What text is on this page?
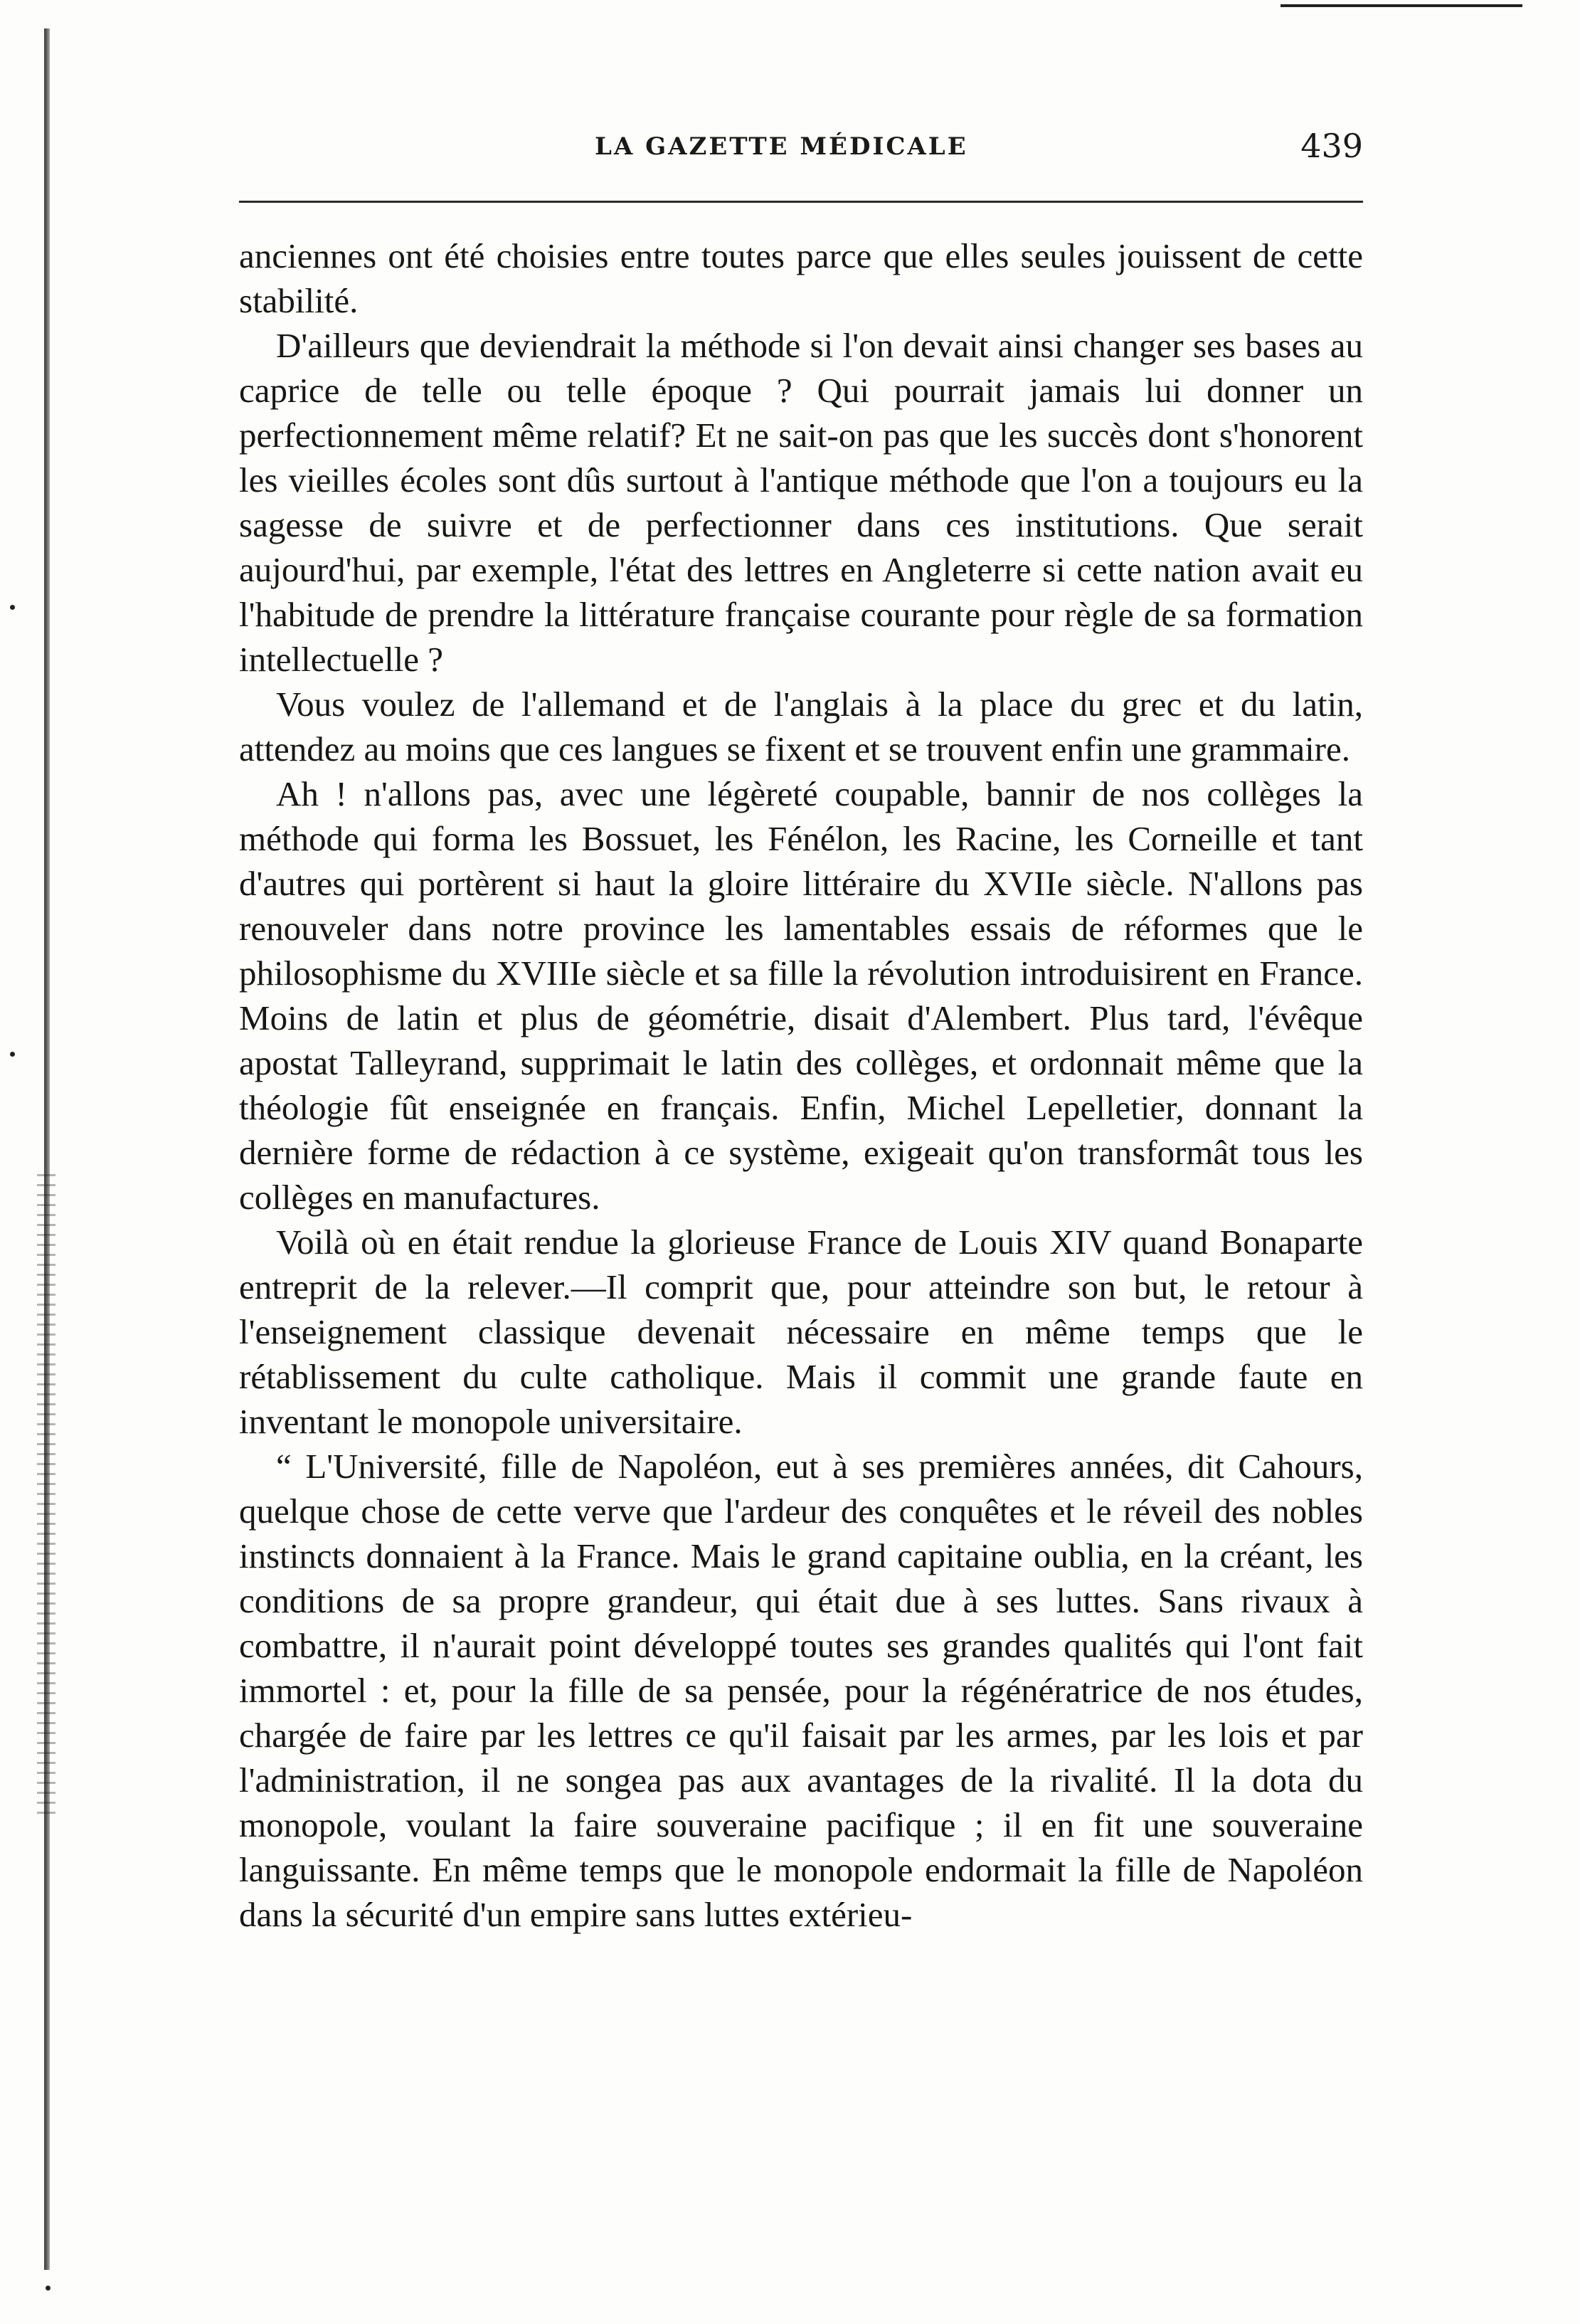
LA GAZETTE MÉDICALE	439

anciennes ont été choisies entre toutes parce que elles seules jouissent de cette stabilité.

D'ailleurs que deviendrait la méthode si l'on devait ainsi changer ses bases au caprice de telle ou telle époque ? Qui pourrait jamais lui donner un perfectionnement même relatif? Et ne sait-on pas que les succès dont s'honorent les vieilles écoles sont dûs surtout à l'antique méthode que l'on a toujours eu la sagesse de suivre et de perfectionner dans ces institutions. Que serait aujourd'hui, par exemple, l'état des lettres en Angleterre si cette nation avait eu l'habitude de prendre la littérature française courante pour règle de sa formation intellectuelle ?

Vous voulez de l'allemand et de l'anglais à la place du grec et du latin, attendez au moins que ces langues se fixent et se trouvent enfin une grammaire.

Ah ! n'allons pas, avec une légèreté coupable, bannir de nos collèges la méthode qui forma les Bossuet, les Fénélon, les Racine, les Corneille et tant d'autres qui portèrent si haut la gloire littéraire du XVIIe siècle. N'allons pas renouveler dans notre province les lamentables essais de réformes que le philosophisme du XVIIIe siècle et sa fille la révolution introduisirent en France. Moins de latin et plus de géométrie, disait d'Alembert. Plus tard, l'évêque apostat Talleyrand, supprimait le latin des collèges, et ordonnait même que la théologie fût enseignée en français. Enfin, Michel Lepelletier, donnant la dernière forme de rédaction à ce système, exigeait qu'on transformât tous les collèges en manufactures.

Voilà où en était rendue la glorieuse France de Louis XIV quand Bonaparte entreprit de la relever.—Il comprit que, pour atteindre son but, le retour à l'enseignement classique devenait nécessaire en même temps que le rétablissement du culte catholique. Mais il commit une grande faute en inventant le monopole universitaire.

“ L'Université, fille de Napoléon, eut à ses premières années, dit Cahours, quelque chose de cette verve que l'ardeur des conquêtes et le réveil des nobles instincts donnaient à la France. Mais le grand capitaine oublia, en la créant, les conditions de sa propre grandeur, qui était due à ses luttes. Sans rivaux à combattre, il n'aurait point développé toutes ses grandes qualités qui l'ont fait immortel : et, pour la fille de sa pensée, pour la régénératrice de nos études, chargée de faire par les lettres ce qu'il faisait par les armes, par les lois et par l'administration, il ne songea pas aux avantages de la rivalité. Il la dota du monopole, voulant la faire souveraine pacifique ; il en fit une souveraine languissante. En même temps que le monopole endormait la fille de Napoléon dans la sécurité d'un empire sans luttes extérieu-
